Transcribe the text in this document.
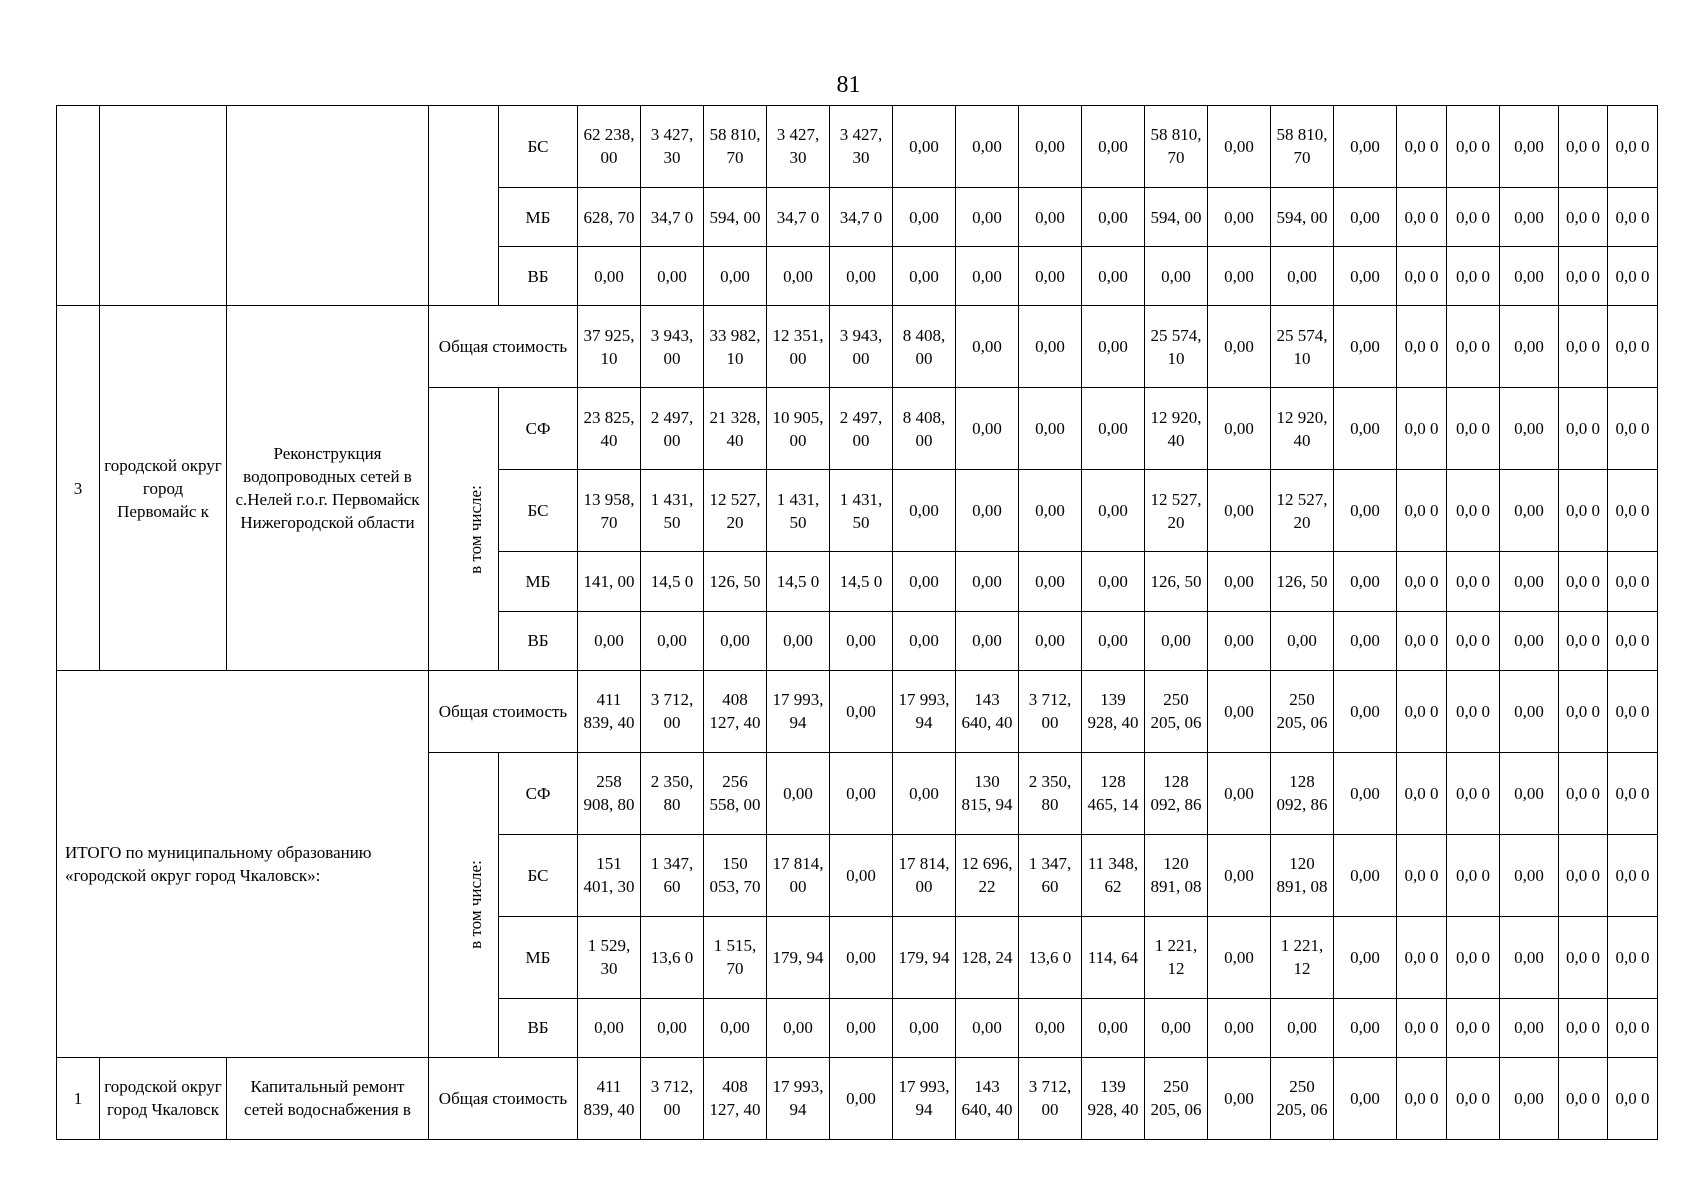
81
				БС	62 238, 00	3 427, 30	58 810, 70	3 427, 30	3 427, 30	0,00	0,00	0,00	0,00	58 810, 70	0,00	58 810, 70	0,00	0,0 0	0,0 0	0,00	0,0 0	0,0 0
				МБ	628, 70	34,7 0	594, 00	34,7 0	34,7 0	0,00	0,00	0,00	0,00	594, 00	0,00	594, 00	0,00	0,0 0	0,0 0	0,00	0,0 0	0,0 0
				ВБ	0,00	0,00	0,00	0,00	0,00	0,00	0,00	0,00	0,00	0,00	0,00	0,00	0,00	0,0 0	0,0 0	0,00	0,0 0	0,0 0
3	городской округ город Первомайс к	Реконструкция водопроводных сетей в с.Нелей г.о.г. Первомайск Нижегородской области	Общая стоимость		37 925, 10	3 943, 00	33 982, 10	12 351, 00	3 943, 00	8 408, 00	0,00	0,00	0,00	25 574, 10	0,00	25 574, 10	0,00	0,0 0	0,0 0	0,00	0,0 0	0,0 0
			в том числе:	СФ	23 825, 40	2 497, 00	21 328, 40	10 905, 00	2 497, 00	8 408, 00	0,00	0,00	0,00	12 920, 40	0,00	12 920, 40	0,00	0,0 0	0,0 0	0,00	0,0 0	0,0 0
				БС	13 958, 70	1 431, 50	12 527, 20	1 431, 50	1 431, 50	0,00	0,00	0,00	0,00	12 527, 20	0,00	12 527, 20	0,00	0,0 0	0,0 0	0,00	0,0 0	0,0 0
				МБ	141, 00	14,5 0	126, 50	14,5 0	14,5 0	0,00	0,00	0,00	0,00	126, 50	0,00	126, 50	0,00	0,0 0	0,0 0	0,00	0,0 0	0,0 0
				ВБ	0,00	0,00	0,00	0,00	0,00	0,00	0,00	0,00	0,00	0,00	0,00	0,00	0,00	0,0 0	0,0 0	0,00	0,0 0	0,0 0
ИТОГО по муниципальному образованию «городской округ город Чкаловск»:			Общая стоимость		411 839, 40	3 712, 00	408 127, 40	17 993, 94	0,00	17 993, 94	143 640, 40	3 712, 00	139 928, 40	250 205, 06	0,00	250 205, 06	0,00	0,0 0	0,0 0	0,00	0,0 0	0,0 0
			в том числе:	СФ	258 908, 80	2 350, 80	256 558, 00	0,00	0,00	0,00	130 815, 94	2 350, 80	128 465, 14	128 092, 86	0,00	128 092, 86	0,00	0,0 0	0,0 0	0,00	0,0 0	0,0 0
				БС	151 401, 30	1 347, 60	150 053, 70	17 814, 00	0,00	17 814, 00	12 696, 22	1 347, 60	11 348, 62	120 891, 08	0,00	120 891, 08	0,00	0,0 0	0,0 0	0,00	0,0 0	0,0 0
				МБ	1 529, 30	13,6 0	1 515, 70	179, 94	0,00	179, 94	128, 24	13,6 0	114, 64	1 221, 12	0,00	1 221, 12	0,00	0,0 0	0,0 0	0,00	0,0 0	0,0 0
				ВБ	0,00	0,00	0,00	0,00	0,00	0,00	0,00	0,00	0,00	0,00	0,00	0,00	0,00	0,0 0	0,0 0	0,00	0,0 0	0,0 0
1	городской округ город Чкаловск	Капитальный ремонт сетей водоснабжения в	Общая стоимость		411 839, 40	3 712, 00	408 127, 40	17 993, 94	0,00	17 993, 94	143 640, 40	3 712, 00	139 928, 40	250 205, 06	0,00	250 205, 06	0,00	0,0 0	0,0 0	0,00	0,0 0	0,0 0
